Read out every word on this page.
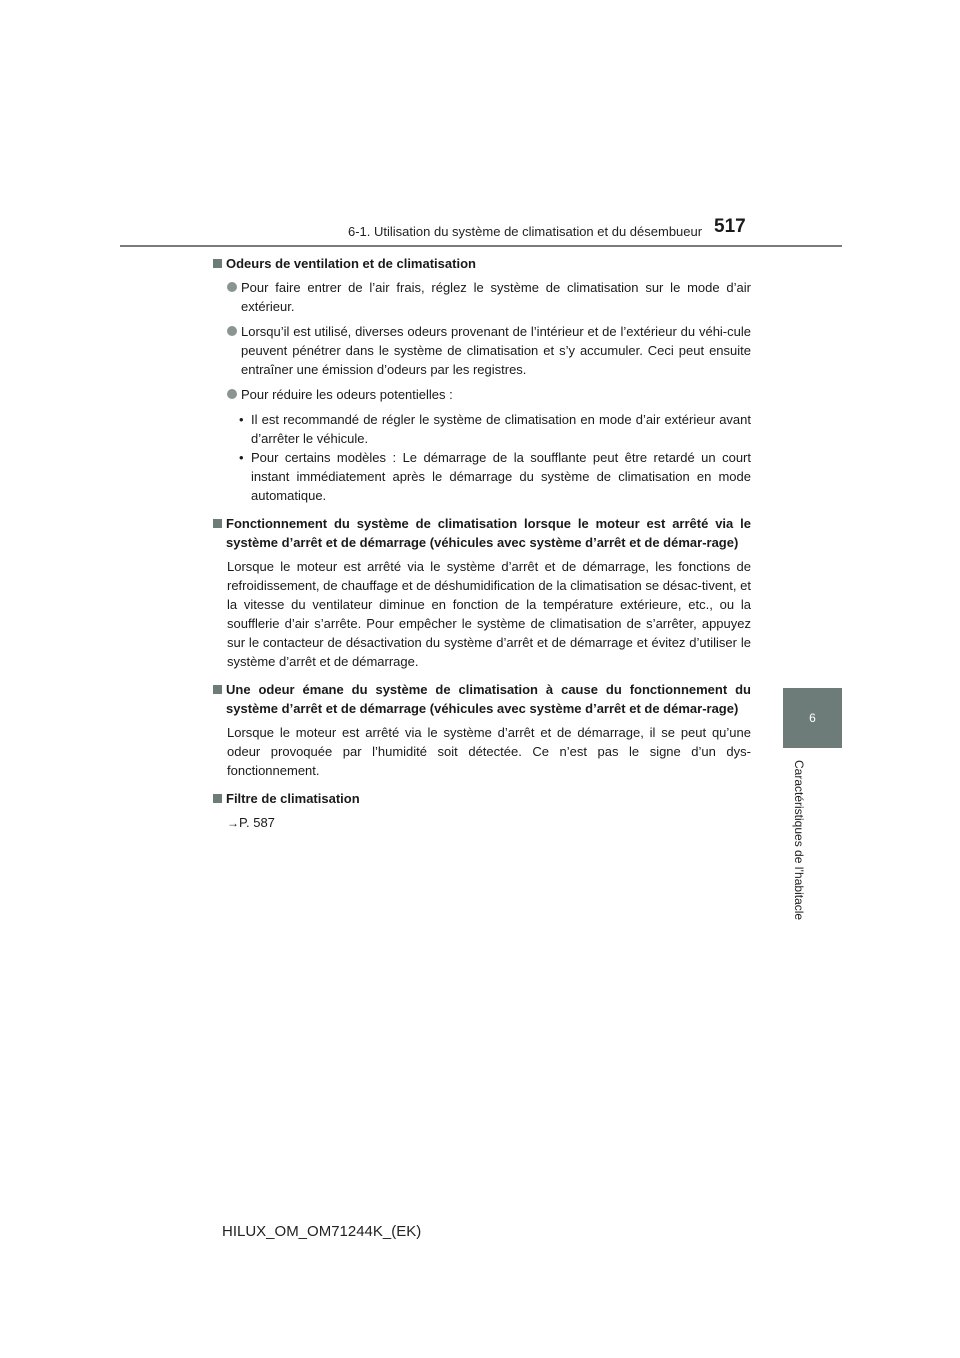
6-1. Utilisation du système de climatisation et du désembueur 517
6
Caractéristiques de l’habitacle
Odeurs de ventilation et de climatisation
Pour faire entrer de l’air frais, réglez le système de climatisation sur le mode d’air extérieur.
Lorsqu’il est utilisé, diverses odeurs provenant de l’intérieur et de l’extérieur du véhi-cule peuvent pénétrer dans le système de climatisation et s’y accumuler. Ceci peut ensuite entraîner une émission d’odeurs par les registres.
Pour réduire les odeurs potentielles :
• Il est recommandé de régler le système de climatisation en mode d’air extérieur avant d’arrêter le véhicule.
• Pour certains modèles : Le démarrage de la soufflante peut être retardé un court instant immédiatement après le démarrage du système de climatisation en mode automatique.
Fonctionnement du système de climatisation lorsque le moteur est arrêté via le système d’arrêt et de démarrage (véhicules avec système d’arrêt et de démar-rage)
Lorsque le moteur est arrêté via le système d’arrêt et de démarrage, les fonctions de refroidissement, de chauffage et de déshumidification de la climatisation se désac-tivent, et la vitesse du ventilateur diminue en fonction de la température extérieure, etc., ou la soufflerie d’air s’arrête. Pour empêcher le système de climatisation de s’arrêter, appuyez sur le contacteur de désactivation du système d’arrêt et de démarrage et évitez d’utiliser le système d’arrêt et de démarrage.
Une odeur émane du système de climatisation à cause du fonctionnement du système d’arrêt et de démarrage (véhicules avec système d’arrêt et de démar-rage)
Lorsque le moteur est arrêté via le système d’arrêt et de démarrage, il se peut qu’une odeur provoquée par l’humidité soit détectée. Ce n’est pas le signe d’un dys-fonctionnement.
Filtre de climatisation
→P. 587
HILUX_OM_OM71244K_(EK)
